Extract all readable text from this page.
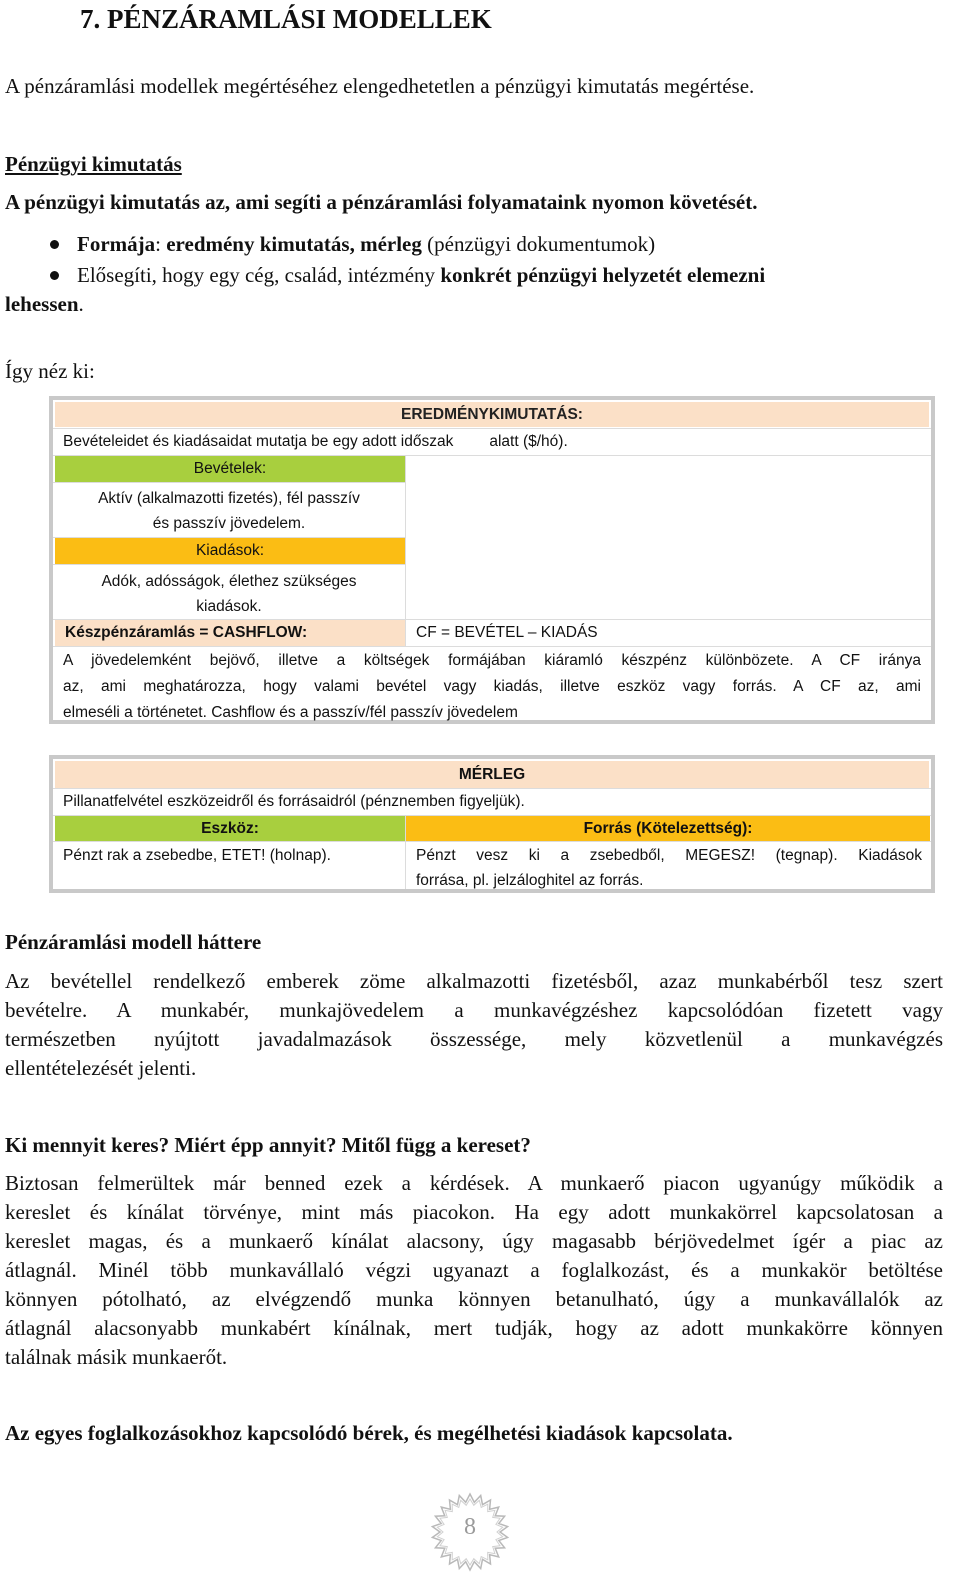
7. PÉNZÁRAMLÁSI MODELLEK

A pénzáramlási modellek megértéséhez elengedhetetlen a pénzügyi kimutatás megértése.

Pénzügyi kimutatás

A pénzügyi kimutatás az, ami segíti a pénzáramlási folyamataink nyomon követését.

Formája: eredmény kimutatás, mérleg (pénzügyi dokumentumok)

Elősegíti, hogy egy cég, család, intézmény konkrét pénzügyi helyzetét elemezni

lehessen.

Így néz ki:

EREDMÉNYKIMUTATÁS:
Bevételeidet és kiadásaidat mutatja be egy adott időszak alatt ($/hó).
Bevételek:
Aktív (alkalmazotti fizetés), fél passzív
és passzív jövedelem.
Kiadások:
Adók, adósságok, élethez szükséges
kiadások.
Készpénzáramlás = CASHFLOW:	CF = BEVÉTEL – KIADÁS
A jövedelemként bejövő, illetve a költségek formájában kiáramló készpénz különbözete. A CF iránya
az, ami meghatározza, hogy valami bevétel vagy kiadás, illetve eszköz vagy forrás. A CF az, ami
elmeséli a történetet. Cashflow és a passzív/fél passzív jövedelem
MÉRLEG
Pillanatfelvétel eszközeidről és forrásaidról (pénznemben figyeljük).
Eszköz:	Forrás (Kötelezettség):
Pénzt rak a zsebedbe, ETET! (holnap).	Pénzt vesz ki a zsebedből, MEGESZ! (tegnap). Kiadások
forrása, pl. jelzáloghitel az forrás.

Pénzáramlási modell háttere

Az bevétellel rendelkező emberek zöme alkalmazotti fizetésből, azaz munkabérből tesz szert
bevételre. A munkabér, munkajövedelem a munkavégzéshez kapcsolódóan fizetett vagy
természetben nyújtott javadalmazások összessége, mely közvetlenül a munkavégzés
ellentételezését jelenti.

Ki mennyit keres? Miért épp annyit? Mitől függ a kereset?

Biztosan felmerültek már benned ezek a kérdések. A munkaerő piacon ugyanúgy működik a
kereslet és kínálat törvénye, mint más piacokon. Ha egy adott munkakörrel kapcsolatosan a
kereslet magas, és a munkaerő kínálat alacsony, úgy magasabb bérjövedelmet ígér a piac az
átlagnál. Minél több munkavállaló végzi ugyanazt a foglalkozást, és a munkakör betöltése
könnyen pótolható, az elvégzendő munka könnyen betanulható, úgy a munkavállalók az
átlagnál alacsonyabb munkabért kínálnak, mert tudják, hogy az adott munkakörre könnyen
találnak másik munkaerőt.

Az egyes foglalkozásokhoz kapcsolódó bérek, és megélhetési kiadások kapcsolata.

8
